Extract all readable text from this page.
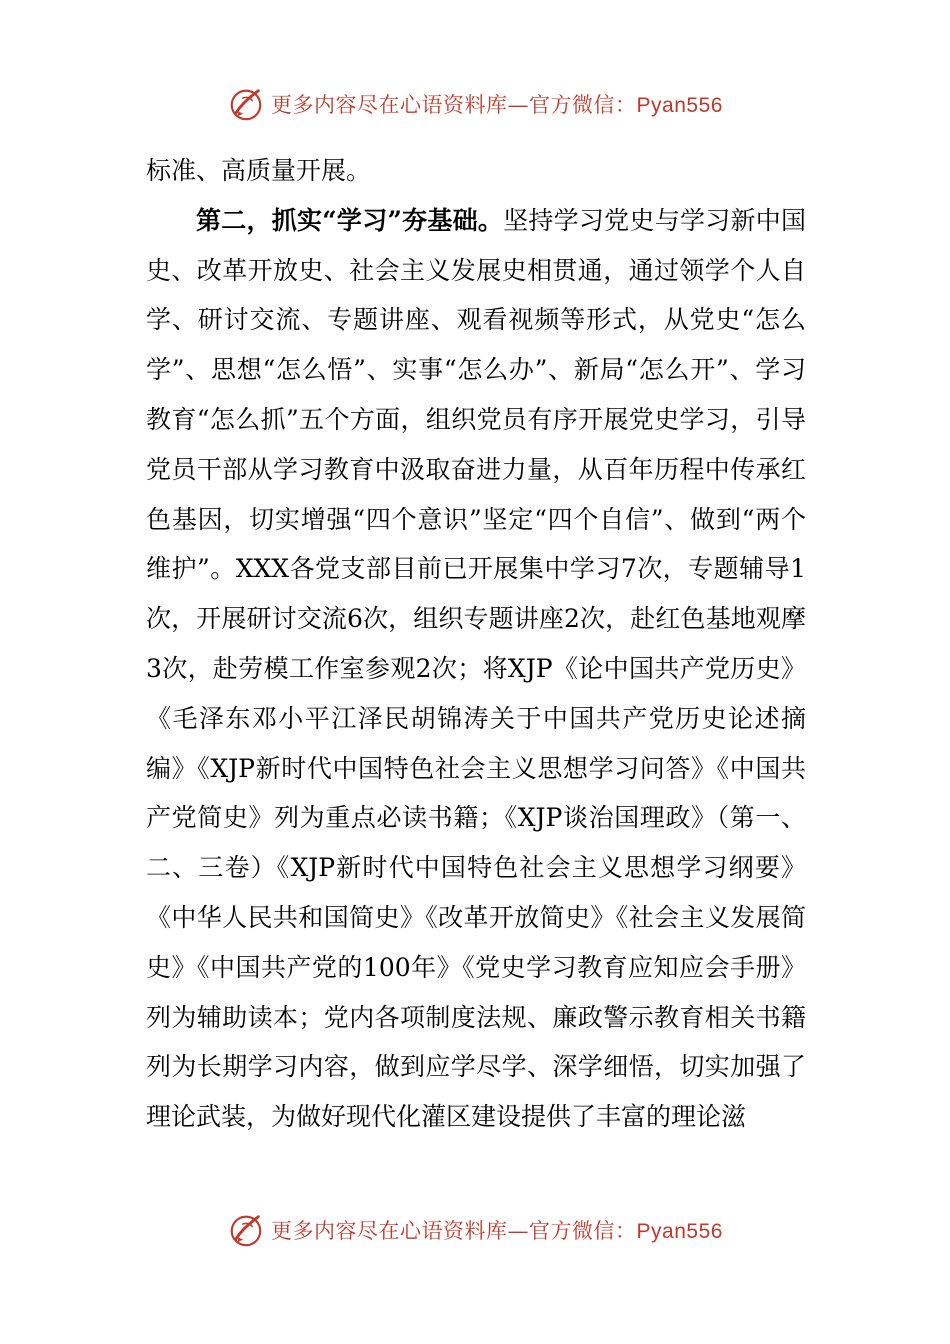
更多内容尽在心语资料库—官方微信：Pyan556

标准、高质量开展。

第二，抓实“学习”夯基础。坚持学习党史与学习新中国史、改革开放史、社会主义发展史相贯通，通过领学个人自学、研讨交流、专题讲座、观看视频等形式，从党史“怎么学”、思想“怎么悟”、实事“怎么办”、新局“怎么开”、学习教育“怎么抓”五个方面，组织党员有序开展党史学习，引导党员干部从学习教育中汲取奋进力量，从百年历程中传承红色基因，切实增强“四个意识”坚定“四个自信”、做到“两个维护”。XXX各党支部目前已开展集中学习7次，专题辅导1次，开展研讨交流6次，组织专题讲座2次，赴红色基地观摩3次，赴劳模工作室参观2次；将XJP《论中国共产党历史》《毛泽东邓小平江泽民胡锦涛关于中国共产党历史论述摘编》《XJP新时代中国特色社会主义思想学习问答》《中国共产党简史》列为重点必读书籍；《XJP谈治国理政》（第一、二、三卷）《XJP新时代中国特色社会主义思想学习纲要》《中华人民共和国简史》《改革开放简史》《社会主义发展简史》《中国共产党的100年》《党史学习教育应知应会手册》列为辅助读本；党内各项制度法规、廉政警示教育相关书籍列为长期学习内容，做到应学尽学、深学细悟，切实加强了理论武装，为做好现代化灌区建设提供了丰富的理论滋

更多内容尽在心语资料库—官方微信：Pyan556
